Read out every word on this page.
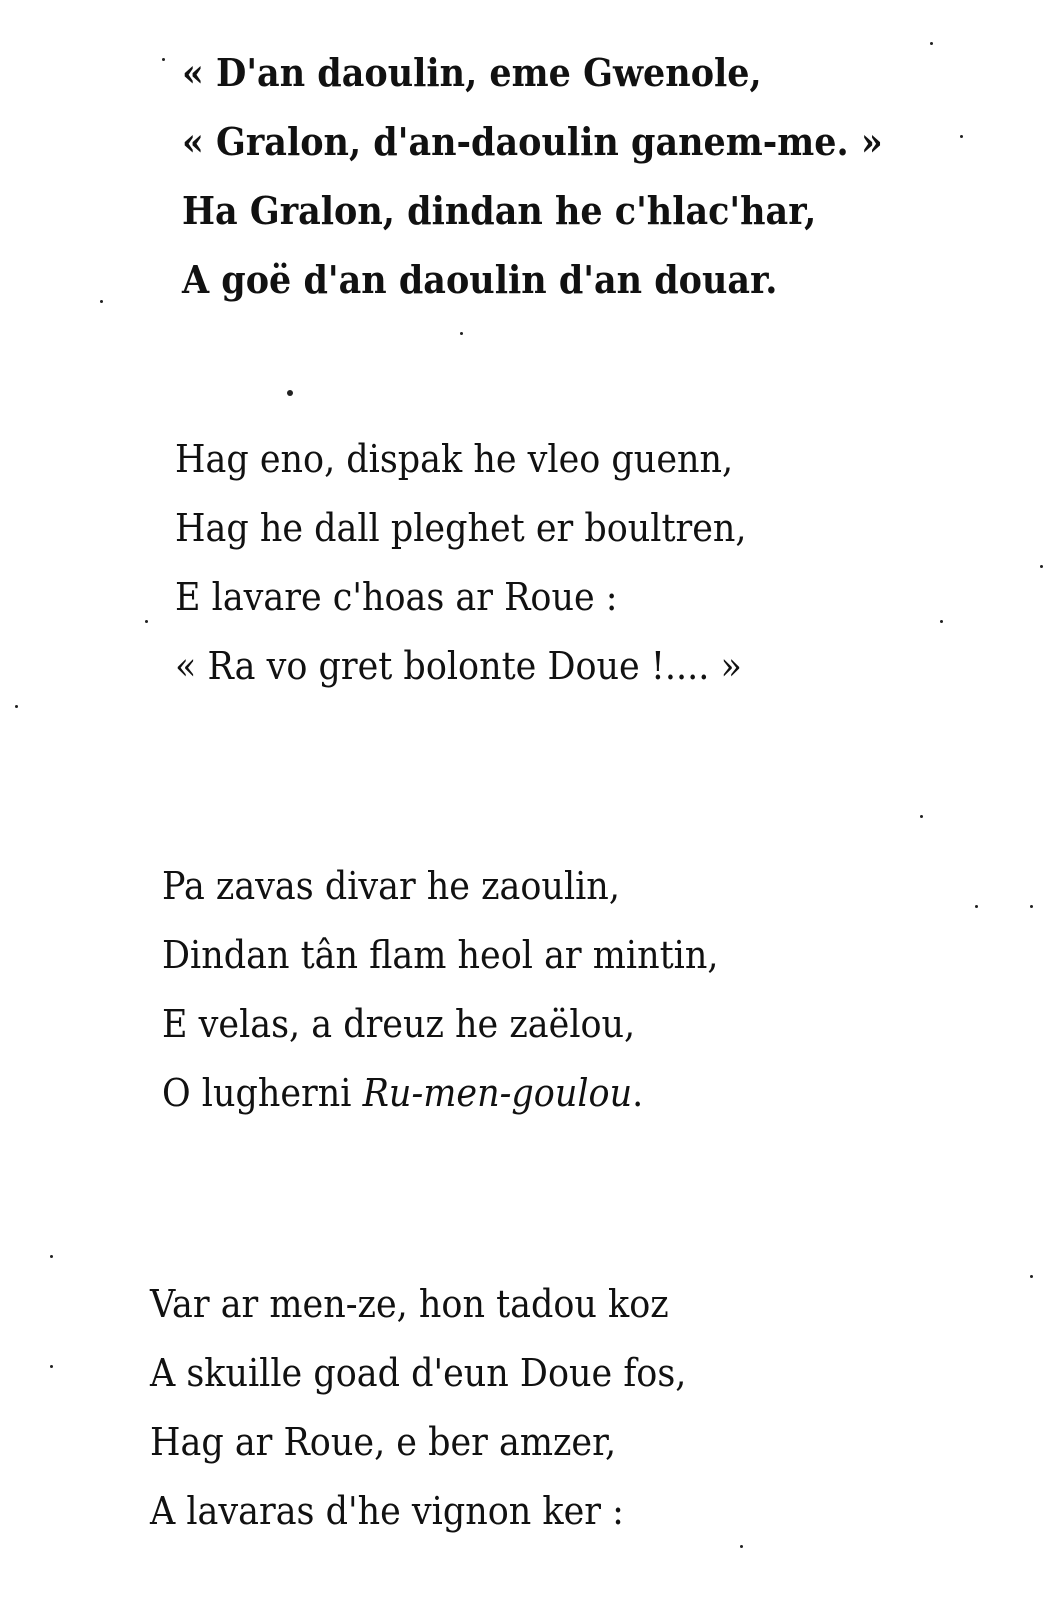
« D'an daoulin, eme Gwenole,
« Gralon, d'an-daoulin ganem-me. »
Ha Gralon, dindan he c'hlac'har,
A goë d'an daoulin d'an douar.
Hag eno, dispak he vleo guenn,
Hag he dall pleghet er boultren,
E lavare c'hoas ar Roue :
« Ra vo gret bolonte Doue !.... »
Pa zavas divar he zaoulin,
Dindan tân flam heol ar mintin,
E velas, a dreuz he zaëlou,
O lugherni Ru-men-goulou.
Var ar men-ze, hon tadou koz
A skuille goad d'eun Doue fos,
Hag ar Roue, e ber amzer,
A lavaras d'he vignon ker :
